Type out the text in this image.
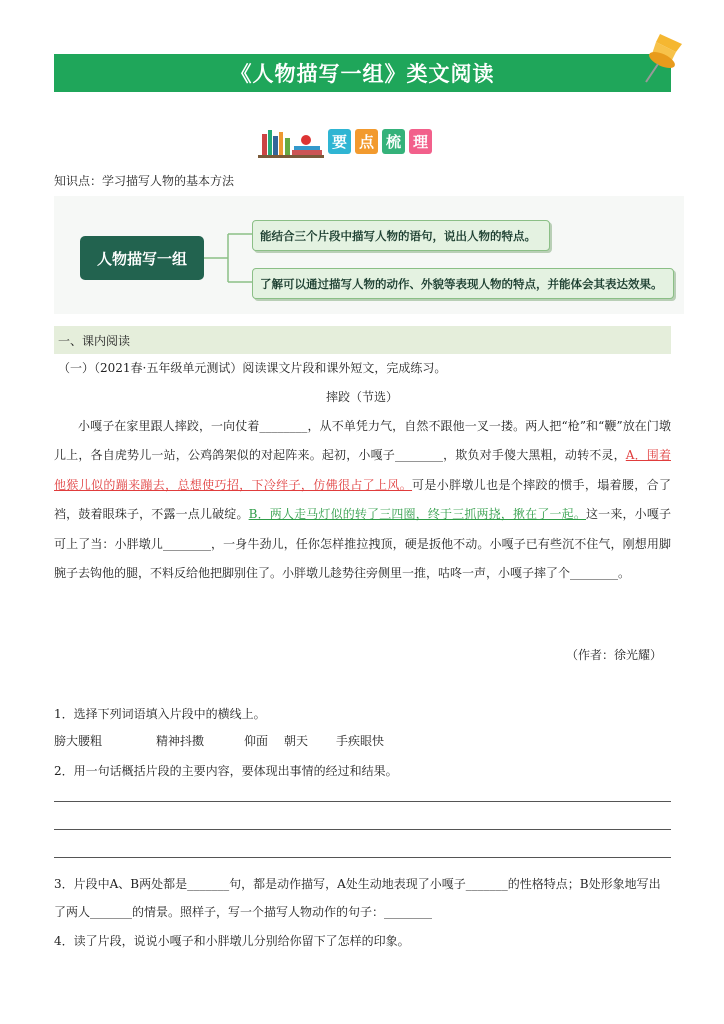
《人物描写一组》类文阅读
要 点 梳 理
知识点：学习描写人物的基本方法
人物描写一组
能结合三个片段中描写人物的语句，说出人物的特点。
了解可以通过描写人物的动作、外貌等表现人物的特点，并能体会其表达效果。
一、课内阅读
（一）（2021春·五年级单元测试）阅读课文片段和课外短文，完成练习。
摔跤（节选）

小嘎子在家里跟人摔跤，一向仗着________，从不单凭力气，自然不跟他一叉一搂。两人把“枪”和“鞭”放在门墩儿上，各自虎势儿一站，公鸡鸽架似的对起阵来。起初，小嘎子________，欺负对手傻大黑粗，动转不灵，A．围着他猴儿似的蹦来蹦去，总想使巧招，下冷绊子，仿佛很占了上风。可是小胖墩儿也是个摔跤的惯手，塌着腰，合了裆，鼓着眼珠子，不露一点儿破绽。B．两人走马灯似的转了三四圈，终于三抓两挠，揪在了一起。这一来，小嘎子可上了当：小胖墩儿________，一身牛劲儿，任你怎样推拉拽顶，硬是扳他不动。小嘎子已有些沉不住气，刚想用脚腕子去钩他的腿，不料反给他把脚别住了。小胖墩儿趁势往旁侧里一推，咕咚一声，小嘎子摔了个________。

（作者：徐光耀）
1．选择下列词语填入片段中的横线上。
膀大腰粗	精神抖擞	仰面	朝天	手疾眼快
2．用一句话概括片段的主要内容，要体现出事情的经过和结果。
3．片段中A、B两处都是_______句，都是动作描写，A处生动地表现了小嘎子_______的性格特点；B处形象地写出了两人_______的情景。照样子，写一个描写人物动作的句子：________
4．读了片段，说说小嘎子和小胖墩儿分别给你留下了怎样的印象。
